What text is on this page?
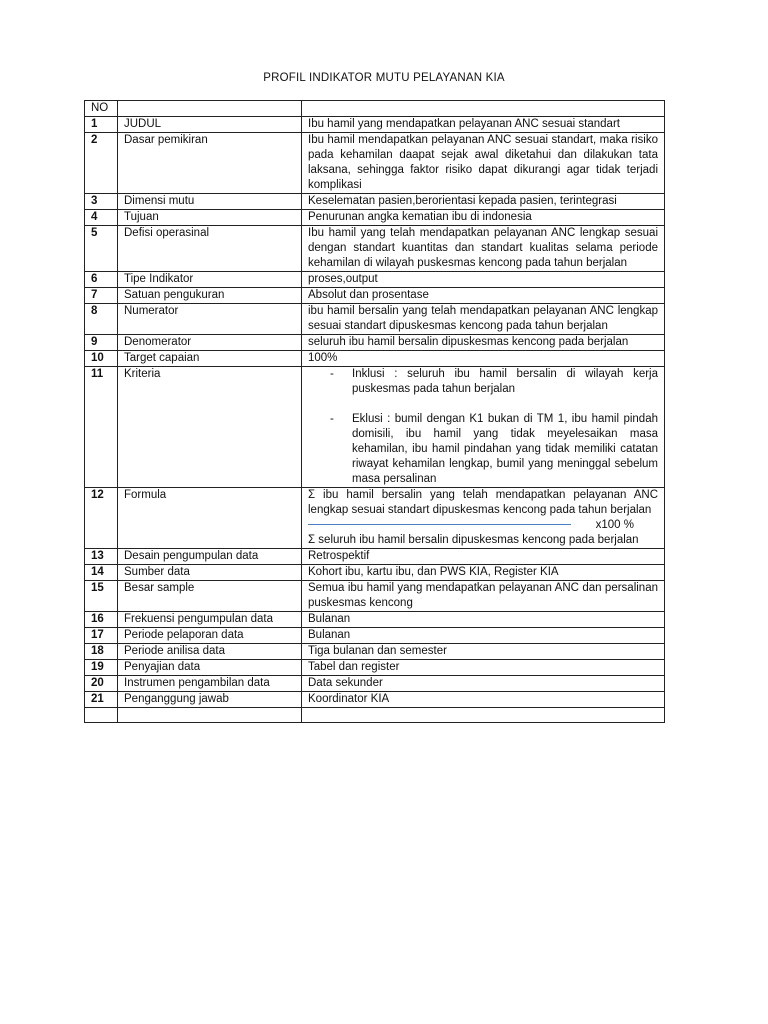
PROFIL INDIKATOR MUTU PELAYANAN KIA
NO		
1	JUDUL	Ibu hamil yang mendapatkan pelayanan ANC sesuai standart
2	Dasar pemikiran	Ibu hamil mendapatkan pelayanan ANC sesuai standart, maka risiko pada kehamilan daapat sejak awal diketahui dan dilakukan tata laksana, sehingga faktor risiko dapat dikurangi agar tidak terjadi komplikasi
3	Dimensi mutu	Keselematan pasien,berorientasi kepada pasien, terintegrasi
4	Tujuan	Penurunan angka kematian ibu di indonesia
5	Defisi operasinal	Ibu hamil yang telah mendapatkan pelayanan ANC lengkap sesuai dengan standart kuantitas dan standart kualitas selama periode kehamilan di wilayah puskesmas kencong pada tahun berjalan
6	Tipe Indikator	proses,output
7	Satuan pengukuran	Absolut dan prosentase
8	Numerator	ibu hamil bersalin yang telah mendapatkan pelayanan ANC lengkap sesuai standart dipuskesmas kencong pada tahun berjalan
9	Denomerator	seluruh ibu hamil bersalin dipuskesmas kencong pada berjalan
10	Target capaian	100%
11	Kriteria	- Inklusi : seluruh ibu hamil bersalin di wilayah kerja puskesmas pada tahun berjalan
- Eklusi : bumil dengan K1 bukan di TM 1, ibu hamil pindah domisili, ibu hamil yang tidak meyelesaikan masa kehamilan, ibu hamil pindahan yang tidak memiliki catatan riwayat kehamilan lengkap, bumil yang meninggal sebelum masa persalinan

12	Formula	Σ ibu hamil bersalin yang telah mendapatkan pelayanan ANC lengkap sesuai standart dipuskesmas kencong pada tahun berjalan
x100 %
Σ seluruh ibu hamil bersalin dipuskesmas kencong pada berjalan

13	Desain pengumpulan data	Retrospektif
14	Sumber data	Kohort ibu, kartu ibu, dan PWS KIA, Register KIA
15	Besar sample	Semua ibu hamil yang mendapatkan pelayanan ANC dan persalinan puskesmas kencong
16	Frekuensi pengumpulan data	Bulanan
17	Periode pelaporan data	Bulanan
18	Periode anilisa data	Tiga bulanan dan semester
19	Penyajian data	Tabel dan register
20	Instrumen pengambilan data	Data sekunder
21	Penganggung jawab	Koordinator KIA
